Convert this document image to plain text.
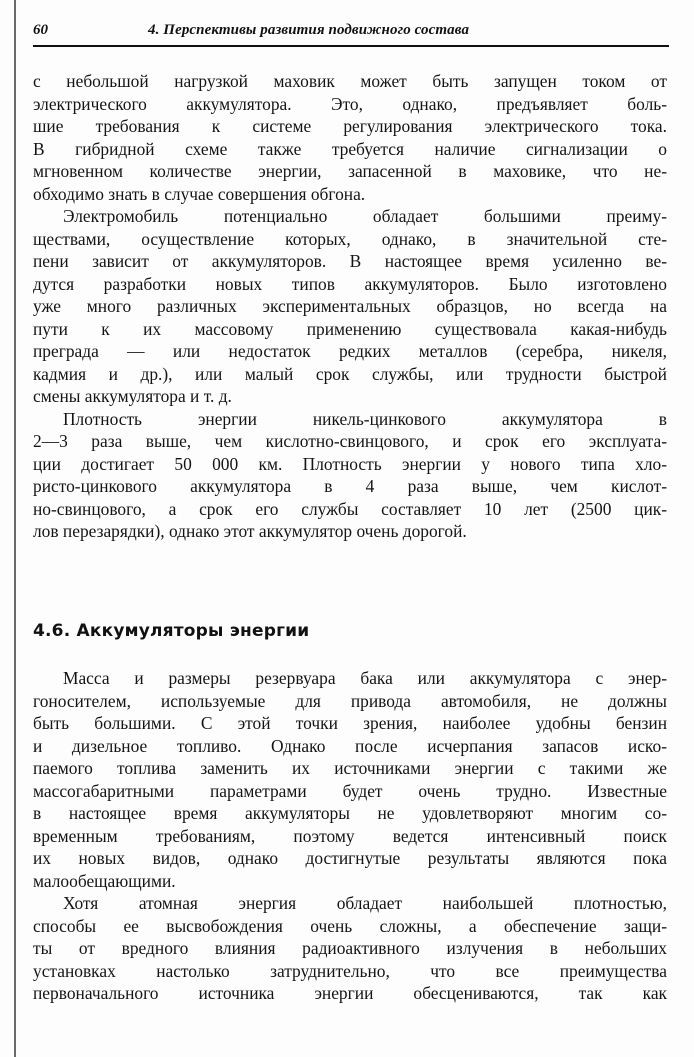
60	4. Перспективы развития подвижного состава
с небольшой нагрузкой маховик может быть запущен током от
электрического аккумулятора. Это, однако, предъявляет боль-
шие требования к системе регулирования электрического тока.
В гибридной схеме также требуется наличие сигнализации о
мгновенном количестве энергии, запасенной в маховике, что не-
обходимо знать в случае совершения обгона.
Электромобиль потенциально обладает большими преиму-
ществами, осуществление которых, однако, в значительной сте-
пени зависит от аккумуляторов. В настоящее время усиленно ве-
дутся разработки новых типов аккумуляторов. Было изготовлено
уже много различных экспериментальных образцов, но всегда на
пути к их массовому применению существовала какая-нибудь
преграда — или недостаток редких металлов (серебра, никеля,
кадмия и др.), или малый срок службы, или трудности быстрой
смены аккумулятора и т. д.
Плотность энергии никель-цинкового аккумулятора в
2—3 раза выше, чем кислотно-свинцового, и срок его эксплуата-
ции достигает 50 000 км. Плотность энергии у нового типа хло-
ристо-цинкового аккумулятора в 4 раза выше, чем кислот-
но-свинцового, а срок его службы составляет 10 лет (2500 цик-
лов перезарядки), однако этот аккумулятор очень дорогой.
4.6. Аккумуляторы энергии
Масса и размеры резервуара бака или аккумулятора с энер-
гоносителем, используемые для привода автомобиля, не должны
быть большими. С этой точки зрения, наиболее удобны бензин
и дизельное топливо. Однако после исчерпания запасов иско-
паемого топлива заменить их источниками энергии с такими же
массогабаритными параметрами будет очень трудно. Известные
в настоящее время аккумуляторы не удовлетворяют многим со-
временным требованиям, поэтому ведется интенсивный поиск
их новых видов, однако достигнутые результаты являются пока
малообещающими.
Хотя атомная энергия обладает наибольшей плотностью,
способы ее высвобождения очень сложны, а обеспечение защи-
ты от вредного влияния радиоактивного излучения в небольших
установках настолько затруднительно, что все преимущества
первоначального источника энергии обесцениваются, так как
